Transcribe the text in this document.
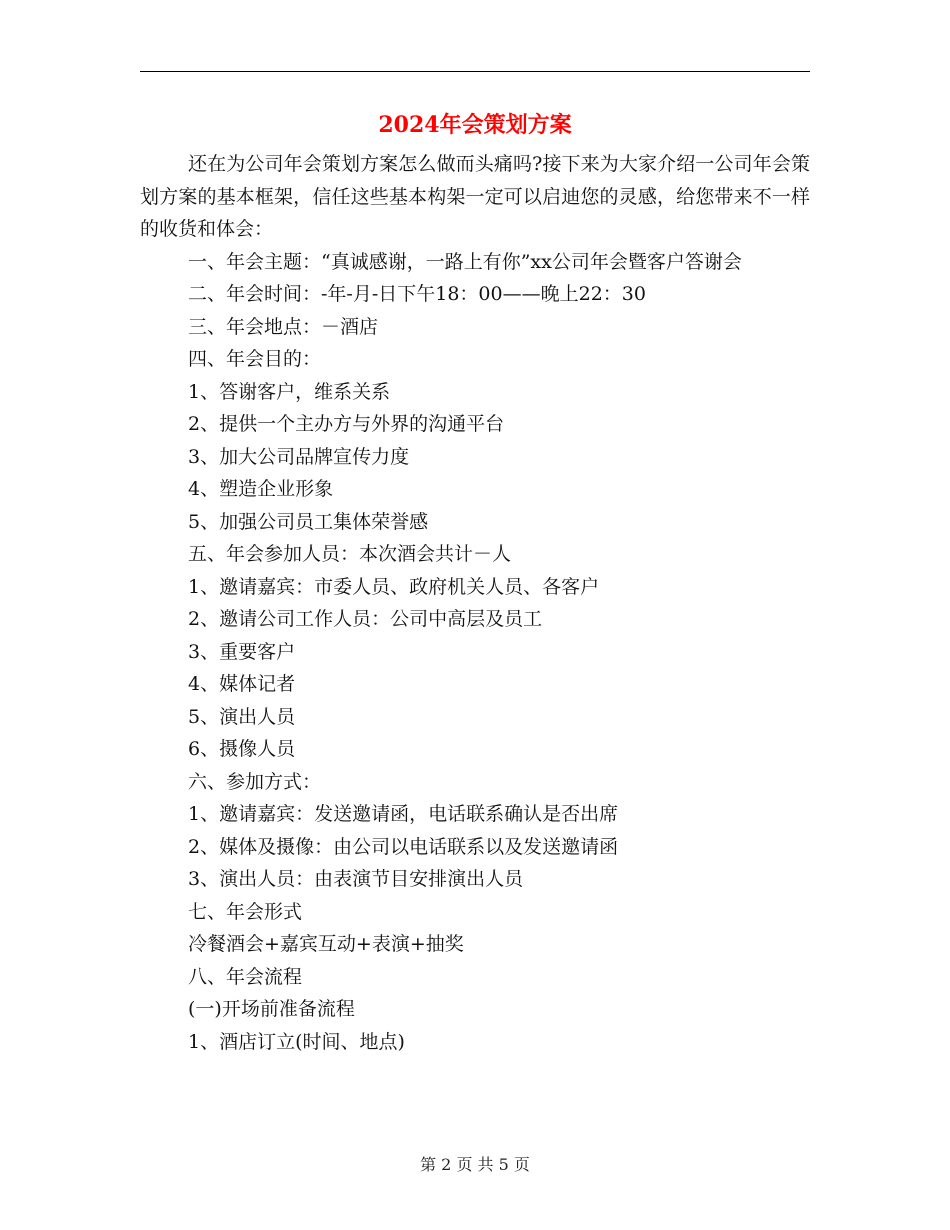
2024年会策划方案

还在为公司年会策划方案怎么做而头痛吗?接下来为大家介绍一公司年会策划方案的基本框架，信任这些基本构架一定可以启迪您的灵感，给您带来不一样的收货和体会：

一、年会主题：“真诚感谢，一路上有你”xx公司年会暨客户答谢会

二、年会时间：-年-月-日下午18：00——晚上22：30
三、年会地点：－酒店
四、年会目的：
1、答谢客户，维系关系
2、提供一个主办方与外界的沟通平台
3、加大公司品牌宣传力度
4、塑造企业形象
5、加强公司员工集体荣誉感
五、年会参加人员：本次酒会共计－人
1、邀请嘉宾：市委人员、政府机关人员、各客户
2、邀请公司工作人员：公司中高层及员工
3、重要客户
4、媒体记者
5、演出人员
6、摄像人员
六、参加方式：
1、邀请嘉宾：发送邀请函，电话联系确认是否出席
2、媒体及摄像：由公司以电话联系以及发送邀请函
3、演出人员：由表演节目安排演出人员
七、年会形式
冷餐酒会+嘉宾互动+表演+抽奖
八、年会流程
(一)开场前准备流程
1、酒店订立(时间、地点)
第 2 页 共 5 页
